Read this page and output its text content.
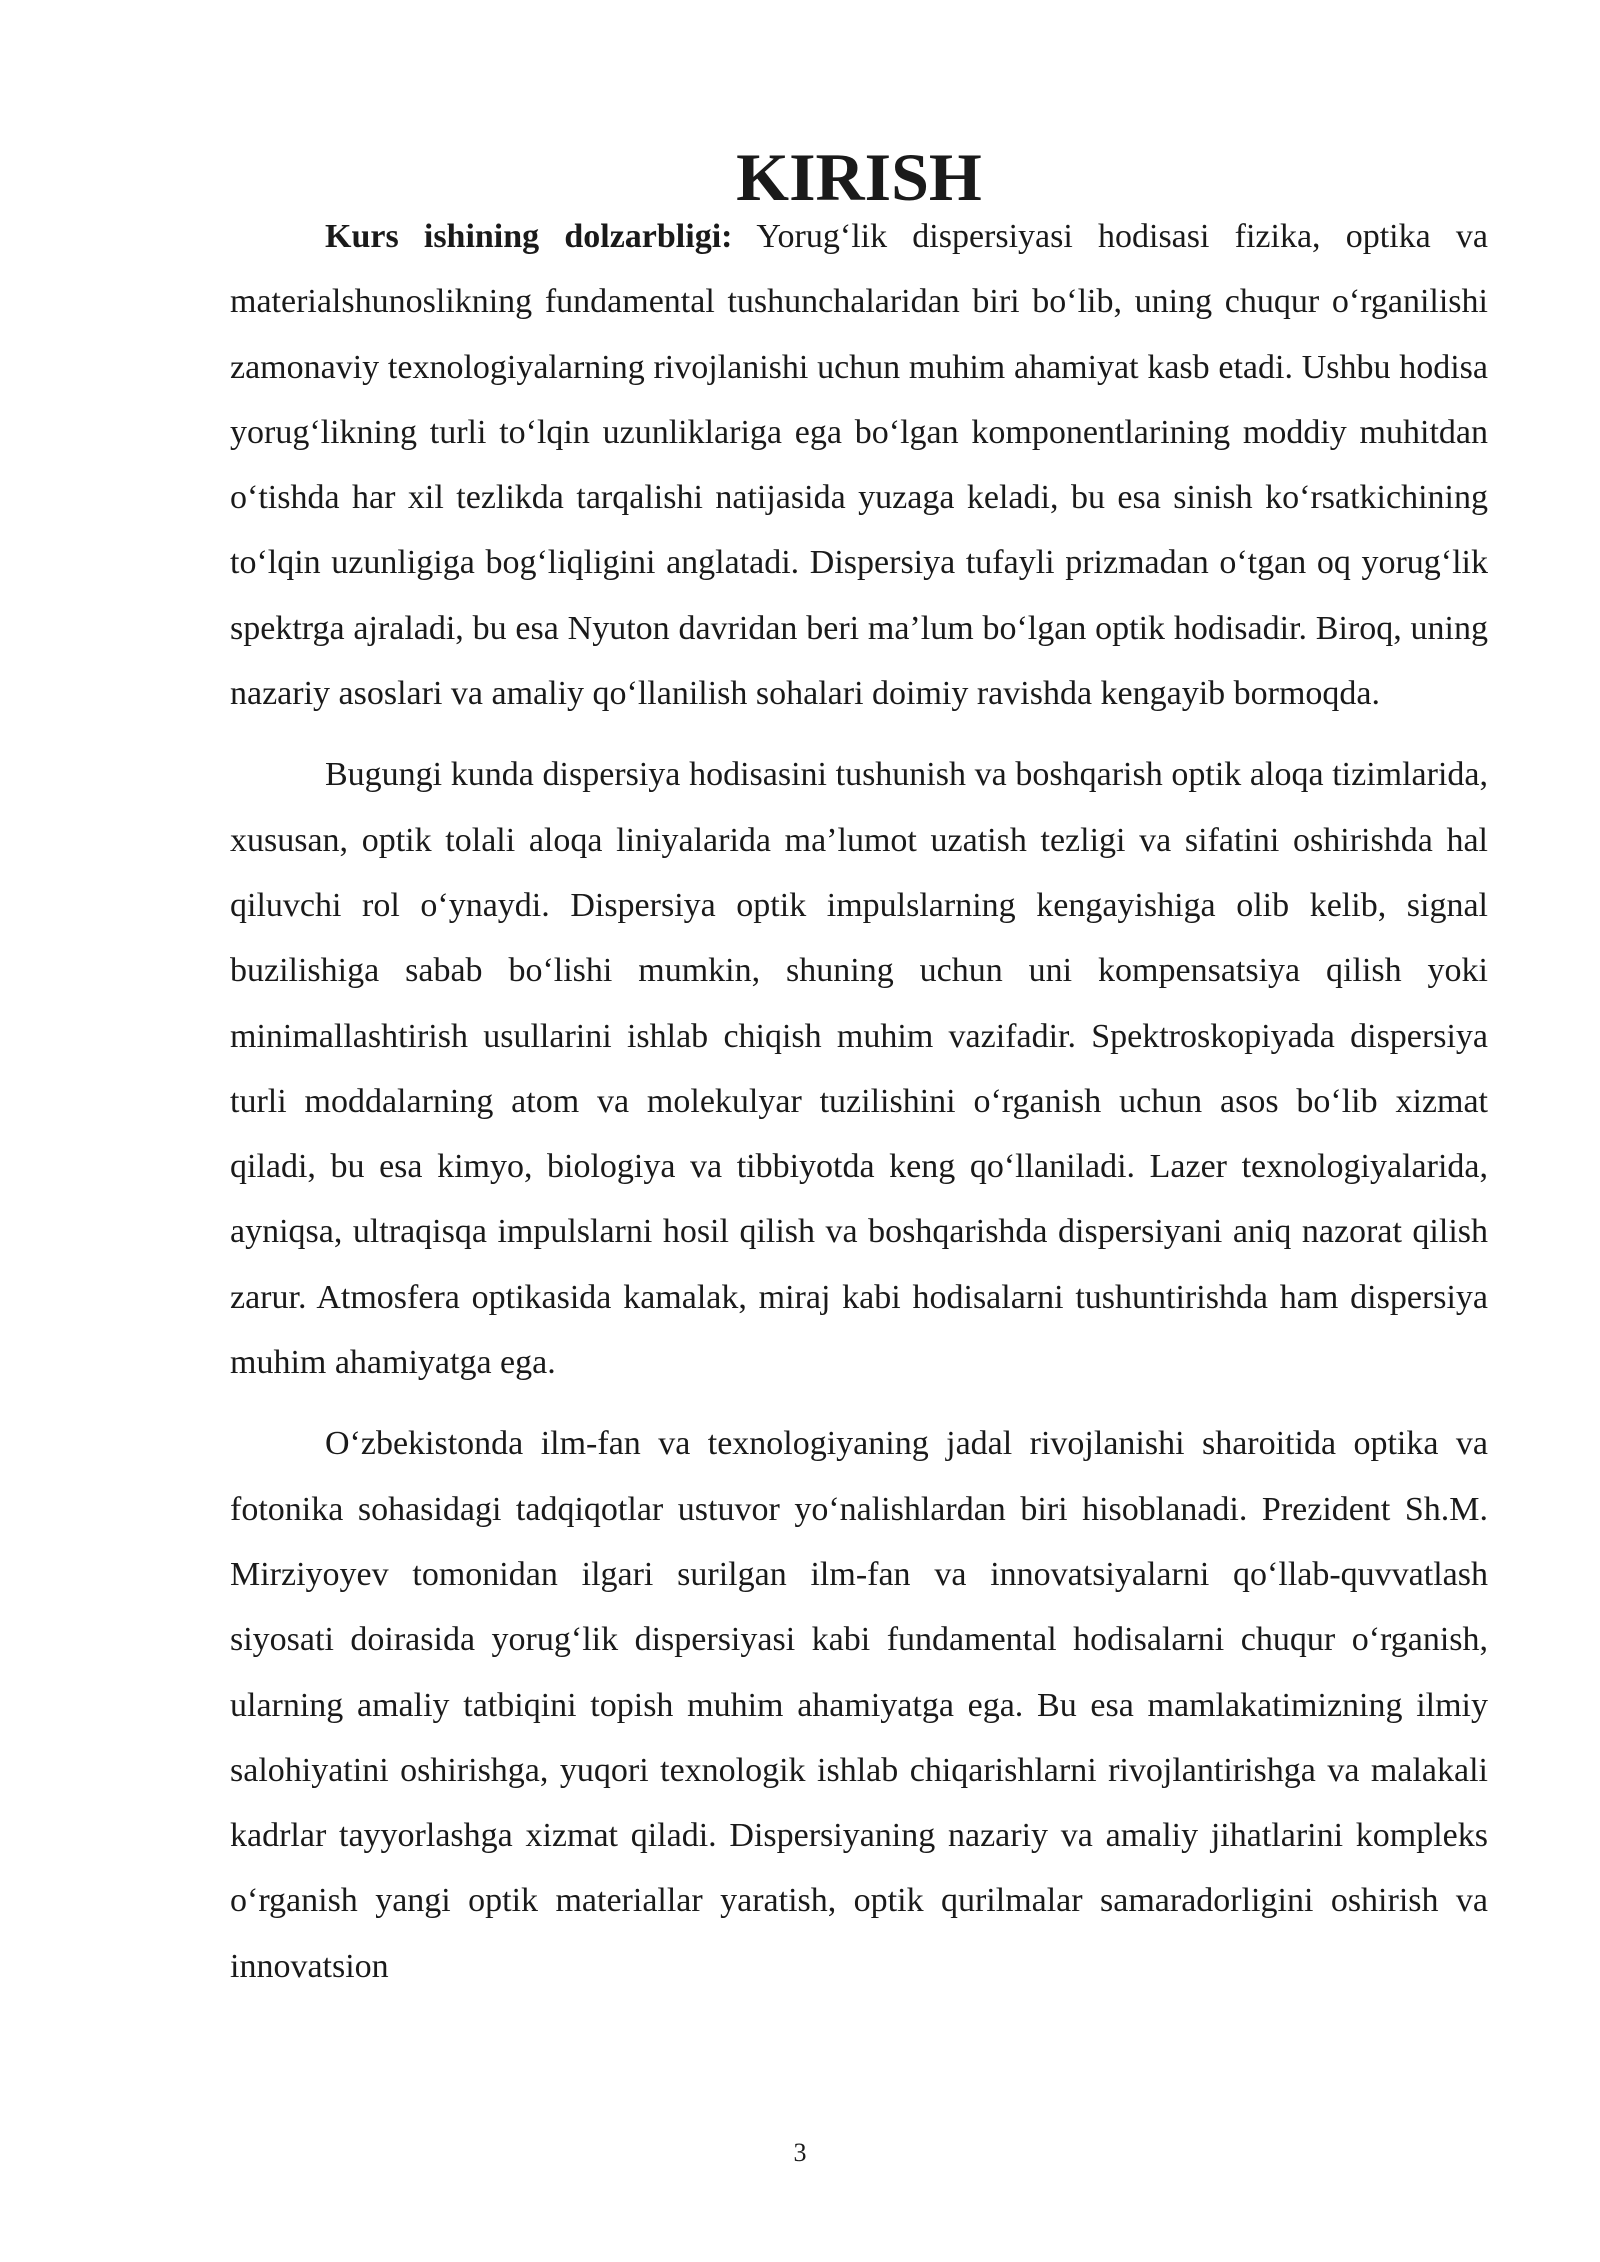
KIRISH

Kurs ishining dolzarbligi: Yorug‘lik dispersiyasi hodisasi fizika, optika va materialshunoslikning fundamental tushunchalaridan biri bo‘lib, uning chuqur o‘rganilishi zamonaviy texnologiyalarning rivojlanishi uchun muhim ahamiyat kasb etadi. Ushbu hodisa yorug‘likning turli to‘lqin uzunliklariga ega bo‘lgan komponentlarining moddiy muhitdan o‘tishda har xil tezlikda tarqalishi natijasida yuzaga keladi, bu esa sinish ko‘rsatkichining to‘lqin uzunligiga bog‘liqligini anglatadi. Dispersiya tufayli prizmadan o‘tgan oq yorug‘lik spektrga ajraladi, bu esa Nyuton davridan beri ma’lum bo‘lgan optik hodisadir. Biroq, uning nazariy asoslari va amaliy qo‘llanilish sohalari doimiy ravishda kengayib bormoqda.

Bugungi kunda dispersiya hodisasini tushunish va boshqarish optik aloqa tizimlarida, xususan, optik tolali aloqa liniyalarida ma’lumot uzatish tezligi va sifatini oshirishda hal qiluvchi rol o‘ynaydi. Dispersiya optik impulslarning kengayishiga olib kelib, signal buzilishiga sabab bo‘lishi mumkin, shuning uchun uni kompensatsiya qilish yoki minimallashtirish usullarini ishlab chiqish muhim vazifadir. Spektroskopiyada dispersiya turli moddalarning atom va molekulyar tuzilishini o‘rganish uchun asos bo‘lib xizmat qiladi, bu esa kimyo, biologiya va tibbiyotda keng qo‘llaniladi. Lazer texnologiyalarida, ayniqsa, ultraqisqa impulslarni hosil qilish va boshqarishda dispersiyani aniq nazorat qilish zarur. Atmosfera optikasida kamalak, miraj kabi hodisalarni tushuntirishda ham dispersiya muhim ahamiyatga ega.

O‘zbekistonda ilm-fan va texnologiyaning jadal rivojlanishi sharoitida optika va fotonika sohasidagi tadqiqotlar ustuvor yo‘nalishlardan biri hisoblanadi. Prezident Sh.M. Mirziyoyev tomonidan ilgari surilgan ilm-fan va innovatsiyalarni qo‘llab-quvvatlash siyosati doirasida yorug‘lik dispersiyasi kabi fundamental hodisalarni chuqur o‘rganish, ularning amaliy tatbiqini topish muhim ahamiyatga ega. Bu esa mamlakatimizning ilmiy salohiyatini oshirishga, yuqori texnologik ishlab chiqarishlarni rivojlantirishga va malakali kadrlar tayyorlashga xizmat qiladi. Dispersiyaning nazariy va amaliy jihatlarini kompleks o‘rganish yangi optik materiallar yaratish, optik qurilmalar samaradorligini oshirish va innovatsion

3
